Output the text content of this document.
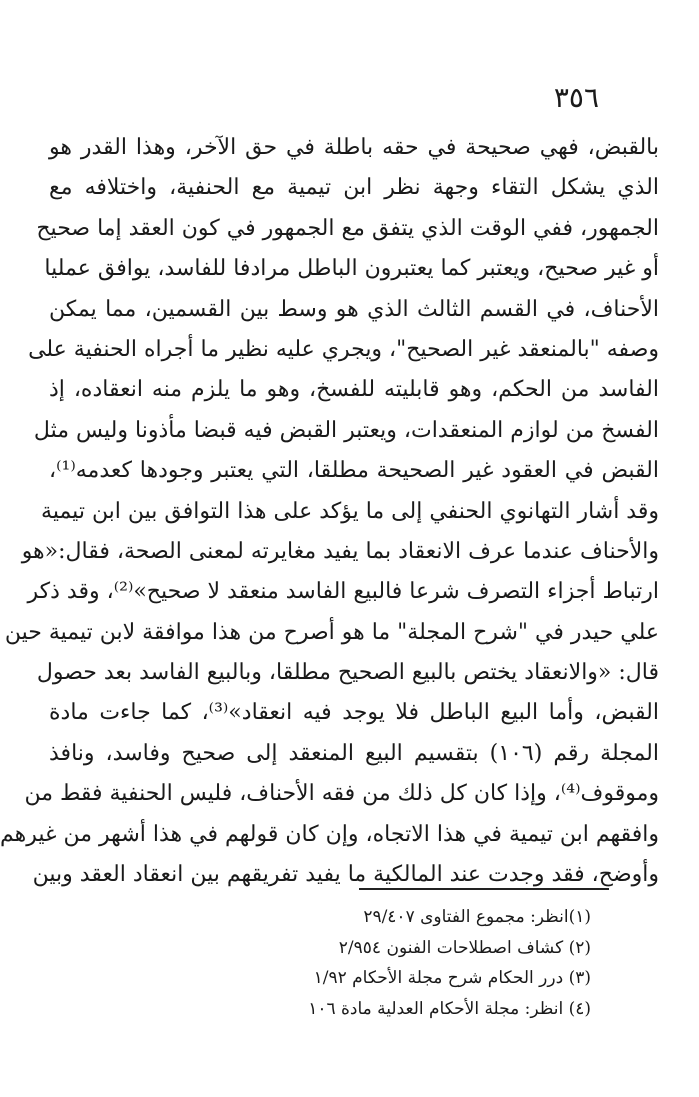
٣٥٦
بالقبض، فهي صحيحة في حقه باطلة في حق الآخر، وهذا القدر هو
الذي يشكل التقاء وجهة نظر ابن تيمية مع الحنفية، واختلافه مع
الجمهور، ففي الوقت الذي يتفق مع الجمهور في كون العقد إما صحيح
أو غير صحيح، ويعتبر كما يعتبرون الباطل مرادفا للفاسد، يوافق عمليا
الأحناف، في القسم الثالث الذي هو وسط بين القسمين، مما يمكن
وصفه "بالمنعقد غير الصحيح"، ويجري عليه نظير ما أجراه الحنفية على
الفاسد من الحكم، وهو قابليته للفسخ، وهو ما يلزم منه انعقاده، إذ
الفسخ من لوازم المنعقدات، ويعتبر القبض فيه قبضا مأذونا وليس مثل
القبض في العقود غير الصحيحة مطلقا، التي يعتبر وجودها كعدمه⁽¹⁾،
وقد أشار التهانوي الحنفي إلى ما يؤكد على هذا التوافق بين ابن تيمية
والأحناف عندما عرف الانعقاد بما يفيد مغايرته لمعنى الصحة، فقال:«هو
ارتباط أجزاء التصرف شرعا فالبيع الفاسد منعقد لا صحيح»⁽²⁾، وقد ذكر
علي حيدر في "شرح المجلة" ما هو أصرح من هذا موافقة لابن تيمية حين
قال: «والانعقاد يختص بالبيع الصحيح مطلقا، وبالبيع الفاسد بعد حصول
القبض، وأما البيع الباطل فلا يوجد فيه انعقاد»⁽³⁾، كما جاءت مادة
المجلة رقم (١٠٦) بتقسيم البيع المنعقد إلى صحيح وفاسد، ونافذ
وموقوف⁽⁴⁾، وإذا كان كل ذلك من فقه الأحناف، فليس الحنفية فقط من
وافقهم ابن تيمية في هذا الاتجاه، وإن كان قولهم في هذا أشهر من غيرهم
وأوضح، فقد وجدت عند المالكية ما يفيد تفريقهم بين انعقاد العقد وبين
(١)انظر: مجموع الفتاوى ٢٩/٤٠٧
(٢) كشاف اصطلاحات الفنون ٢/٩٥٤
(٣) درر الحكام شرح مجلة الأحكام ١/٩٢
(٤) انظر: مجلة الأحكام العدلية مادة ١٠٦
